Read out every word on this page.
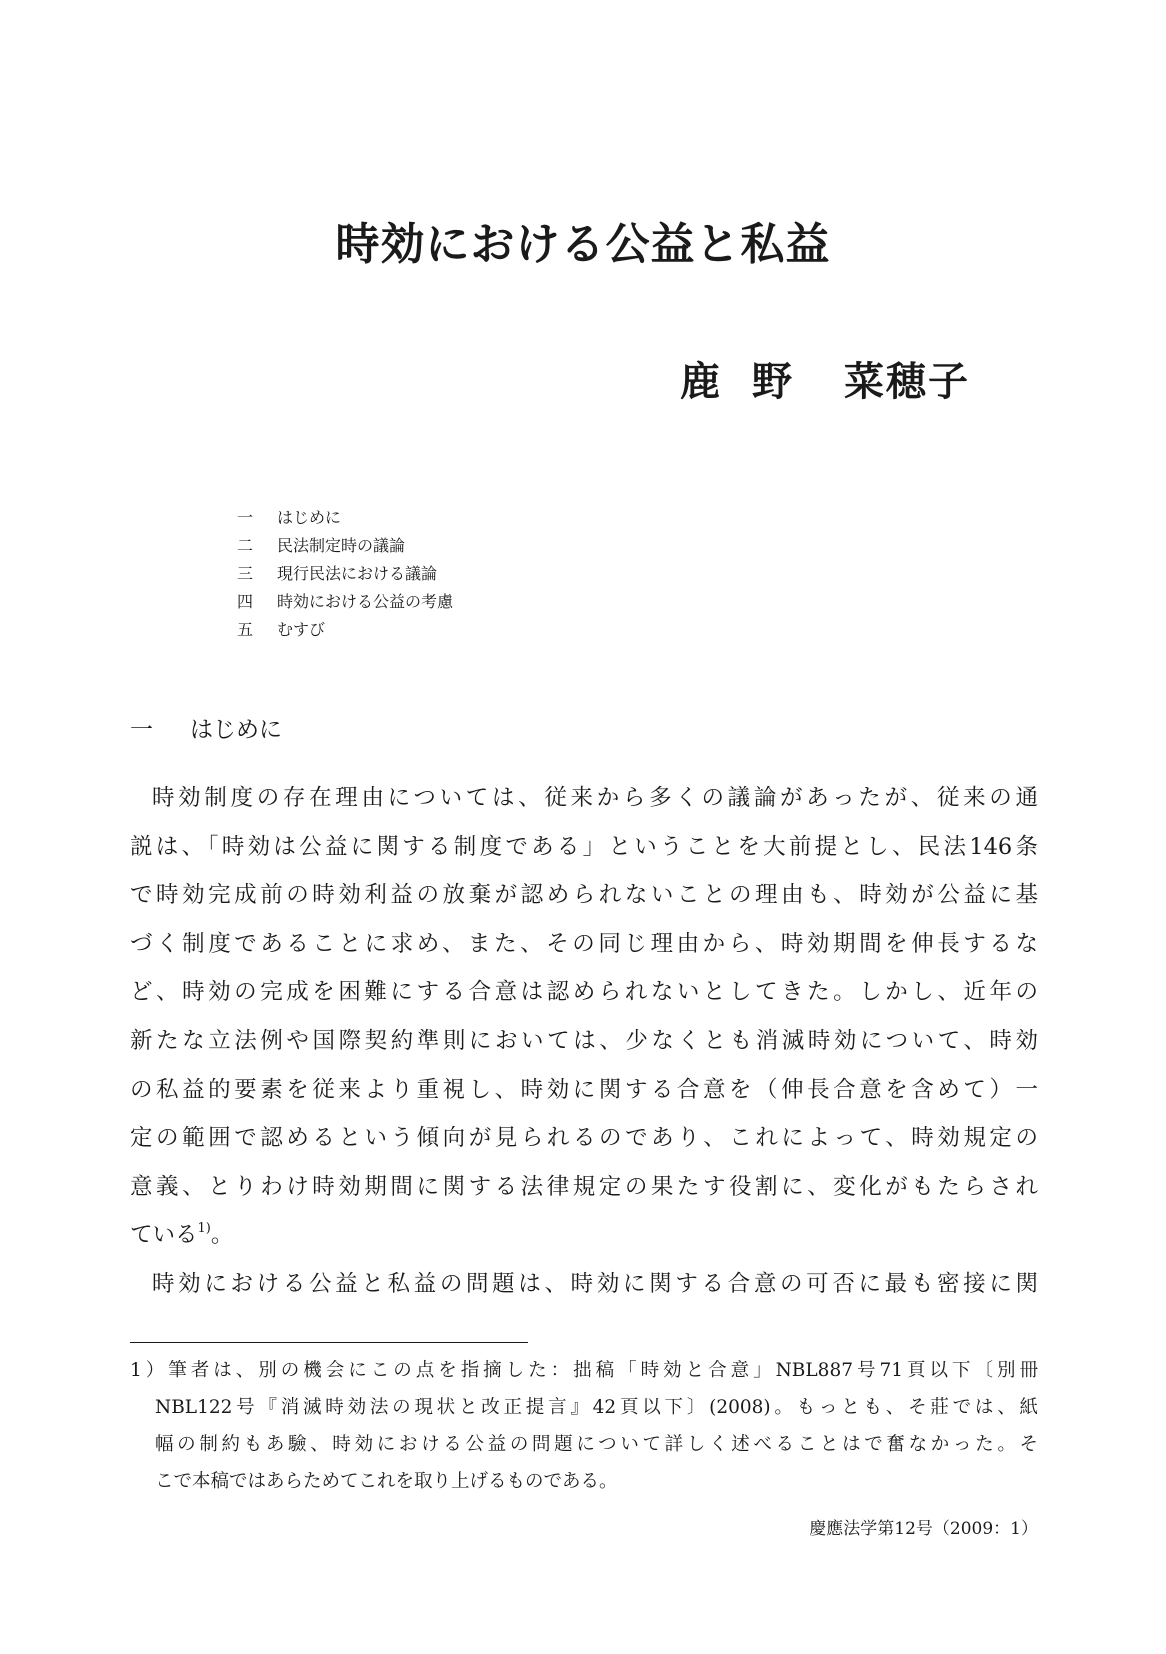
時効における公益と私益
鹿 野 菜穂子
一 はじめに
二 民法制定時の議論
三 現行民法における議論
四 時効における公益の考慮
五 むすび
一 はじめに
時効制度の存在理由については、従来から多くの議論があったが、従来の通
説は、「時効は公益に関する制度である」ということを大前提とし、民法146条
で時効完成前の時効利益の放棄が認められないことの理由も、時効が公益に基
づく制度であることに求め、また、その同じ理由から、時効期間を伸長するな
ど、時効の完成を困難にする合意は認められないとしてきた。しかし、近年の
新たな立法例や国際契約準則においては、少なくとも消滅時効について、時効
の私益的要素を従来より重視し、時効に関する合意を（伸長合意を含めて）一
定の範囲で認めるという傾向が見られるのであり、これによって、時効規定の
意義、とりわけ時効期間に関する法律規定の果たす役割に、変化がもたらされ
ている$^{1)}$。
時効における公益と私益の問題は、時効に関する合意の可否に最も密接に関
1）筆者は、別の機会にこの点を指摘した：拙稿「時効と合意」NBL887号71頁以下〔別冊
NBL122号『消滅時効法の現状と改正提言』42頁以下〕(2008)。もっとも、そ莊では、紙
幅の制約もあ驗、時効における公益の問題について詳しく述べることはで奮なかった。そ
こで本稿ではあらためてこれを取り上げるものである。
慶應法学第12号（2009：1）
